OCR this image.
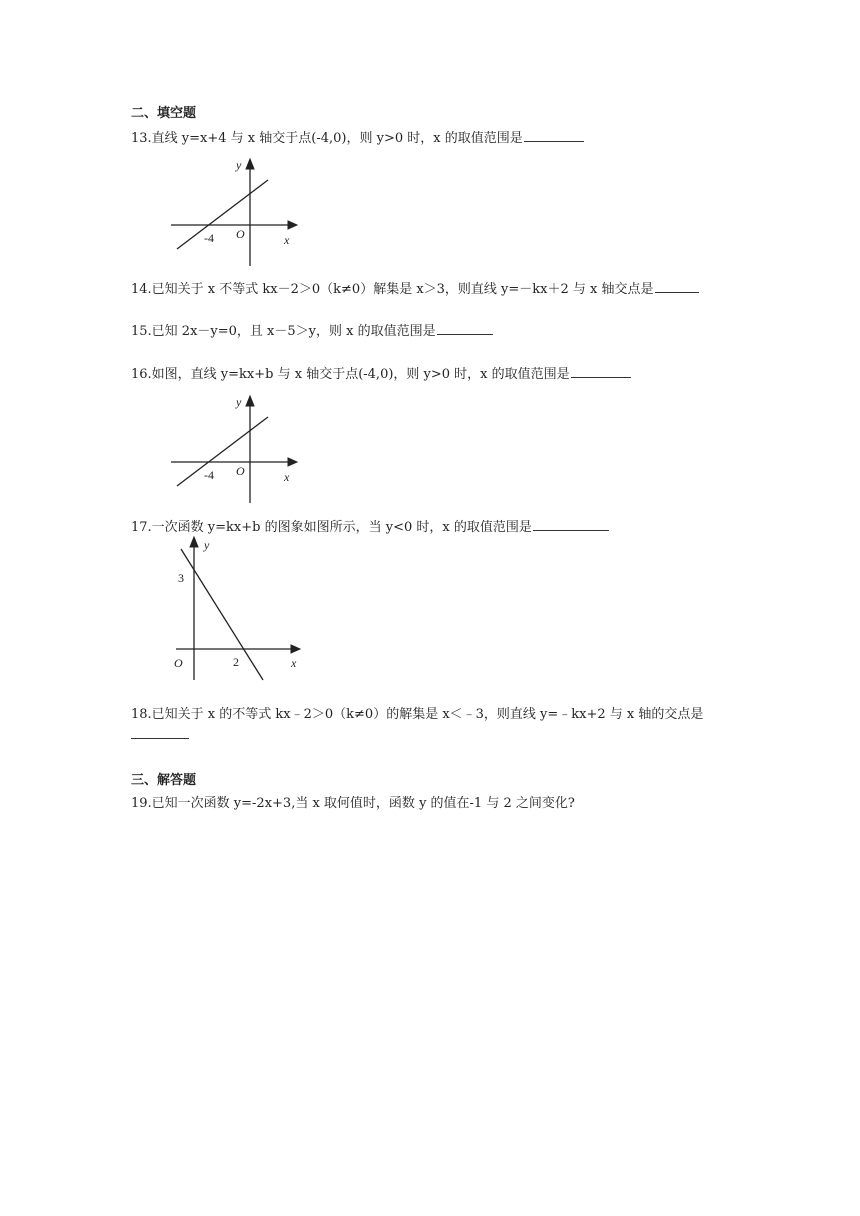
二、填空题
13.直线 y=x+4 与 x 轴交于点(-4,0)，则 y>0 时，x 的取值范围是
y
x
O
-4
14.已知关于 x 不等式 kx－2＞0（k≠0）解集是 x＞3，则直线 y=－kx＋2 与 x 轴交点是
15.已知 2x－y=0，且 x－5＞y，则 x 的取值范围是
16.如图，直线 y=kx+b 与 x 轴交于点(-4,0)，则 y>0 时，x 的取值范围是
y
x
O
-4
17.一次函数 y=kx+b 的图象如图所示，当 y<0 时，x 的取值范围是
y
x
O
3
2
18.已知关于 x 的不等式 kx﹣2＞0（k≠0）的解集是 x＜﹣3，则直线 y=﹣kx+2 与 x 轴的交点是
三、解答题
19.已知一次函数 y=-2x+3,当 x 取何值时，函数 y 的值在-1 与 2 之间变化?
